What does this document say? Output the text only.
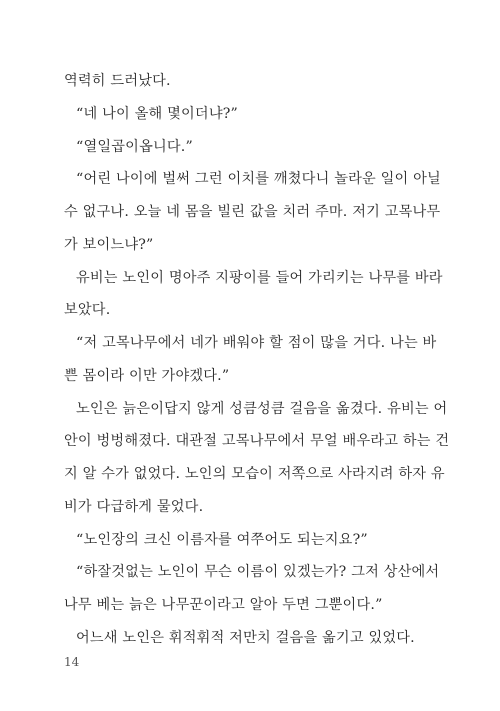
역력히 드러났다.
“네 나이 올해 몇이더냐?”
“열일곱이옵니다.”
“어린 나이에 벌써 그런 이치를 깨쳤다니 놀라운 일이 아닐
수 없구나. 오늘 네 몸을 빌린 값을 치러 주마. 저기 고목나무
가 보이느냐?”
유비는 노인이 명아주 지팡이를 들어 가리키는 나무를 바라
보았다.
“저 고목나무에서 네가 배워야 할 점이 많을 거다. 나는 바
쁜 몸이라 이만 가야겠다.”
노인은 늙은이답지 않게 성큼성큼 걸음을 옮겼다. 유비는 어
안이 벙벙해졌다. 대관절 고목나무에서 무얼 배우라고 하는 건
지 알 수가 없었다. 노인의 모습이 저쪽으로 사라지려 하자 유
비가 다급하게 물었다.
“노인장의 크신 이름자를 여쭈어도 되는지요?”
“하잘것없는 노인이 무슨 이름이 있겠는가? 그저 상산에서
나무 베는 늙은 나무꾼이라고 알아 두면 그뿐이다.”
어느새 노인은 휘적휘적 저만치 걸음을 옮기고 있었다.
14
